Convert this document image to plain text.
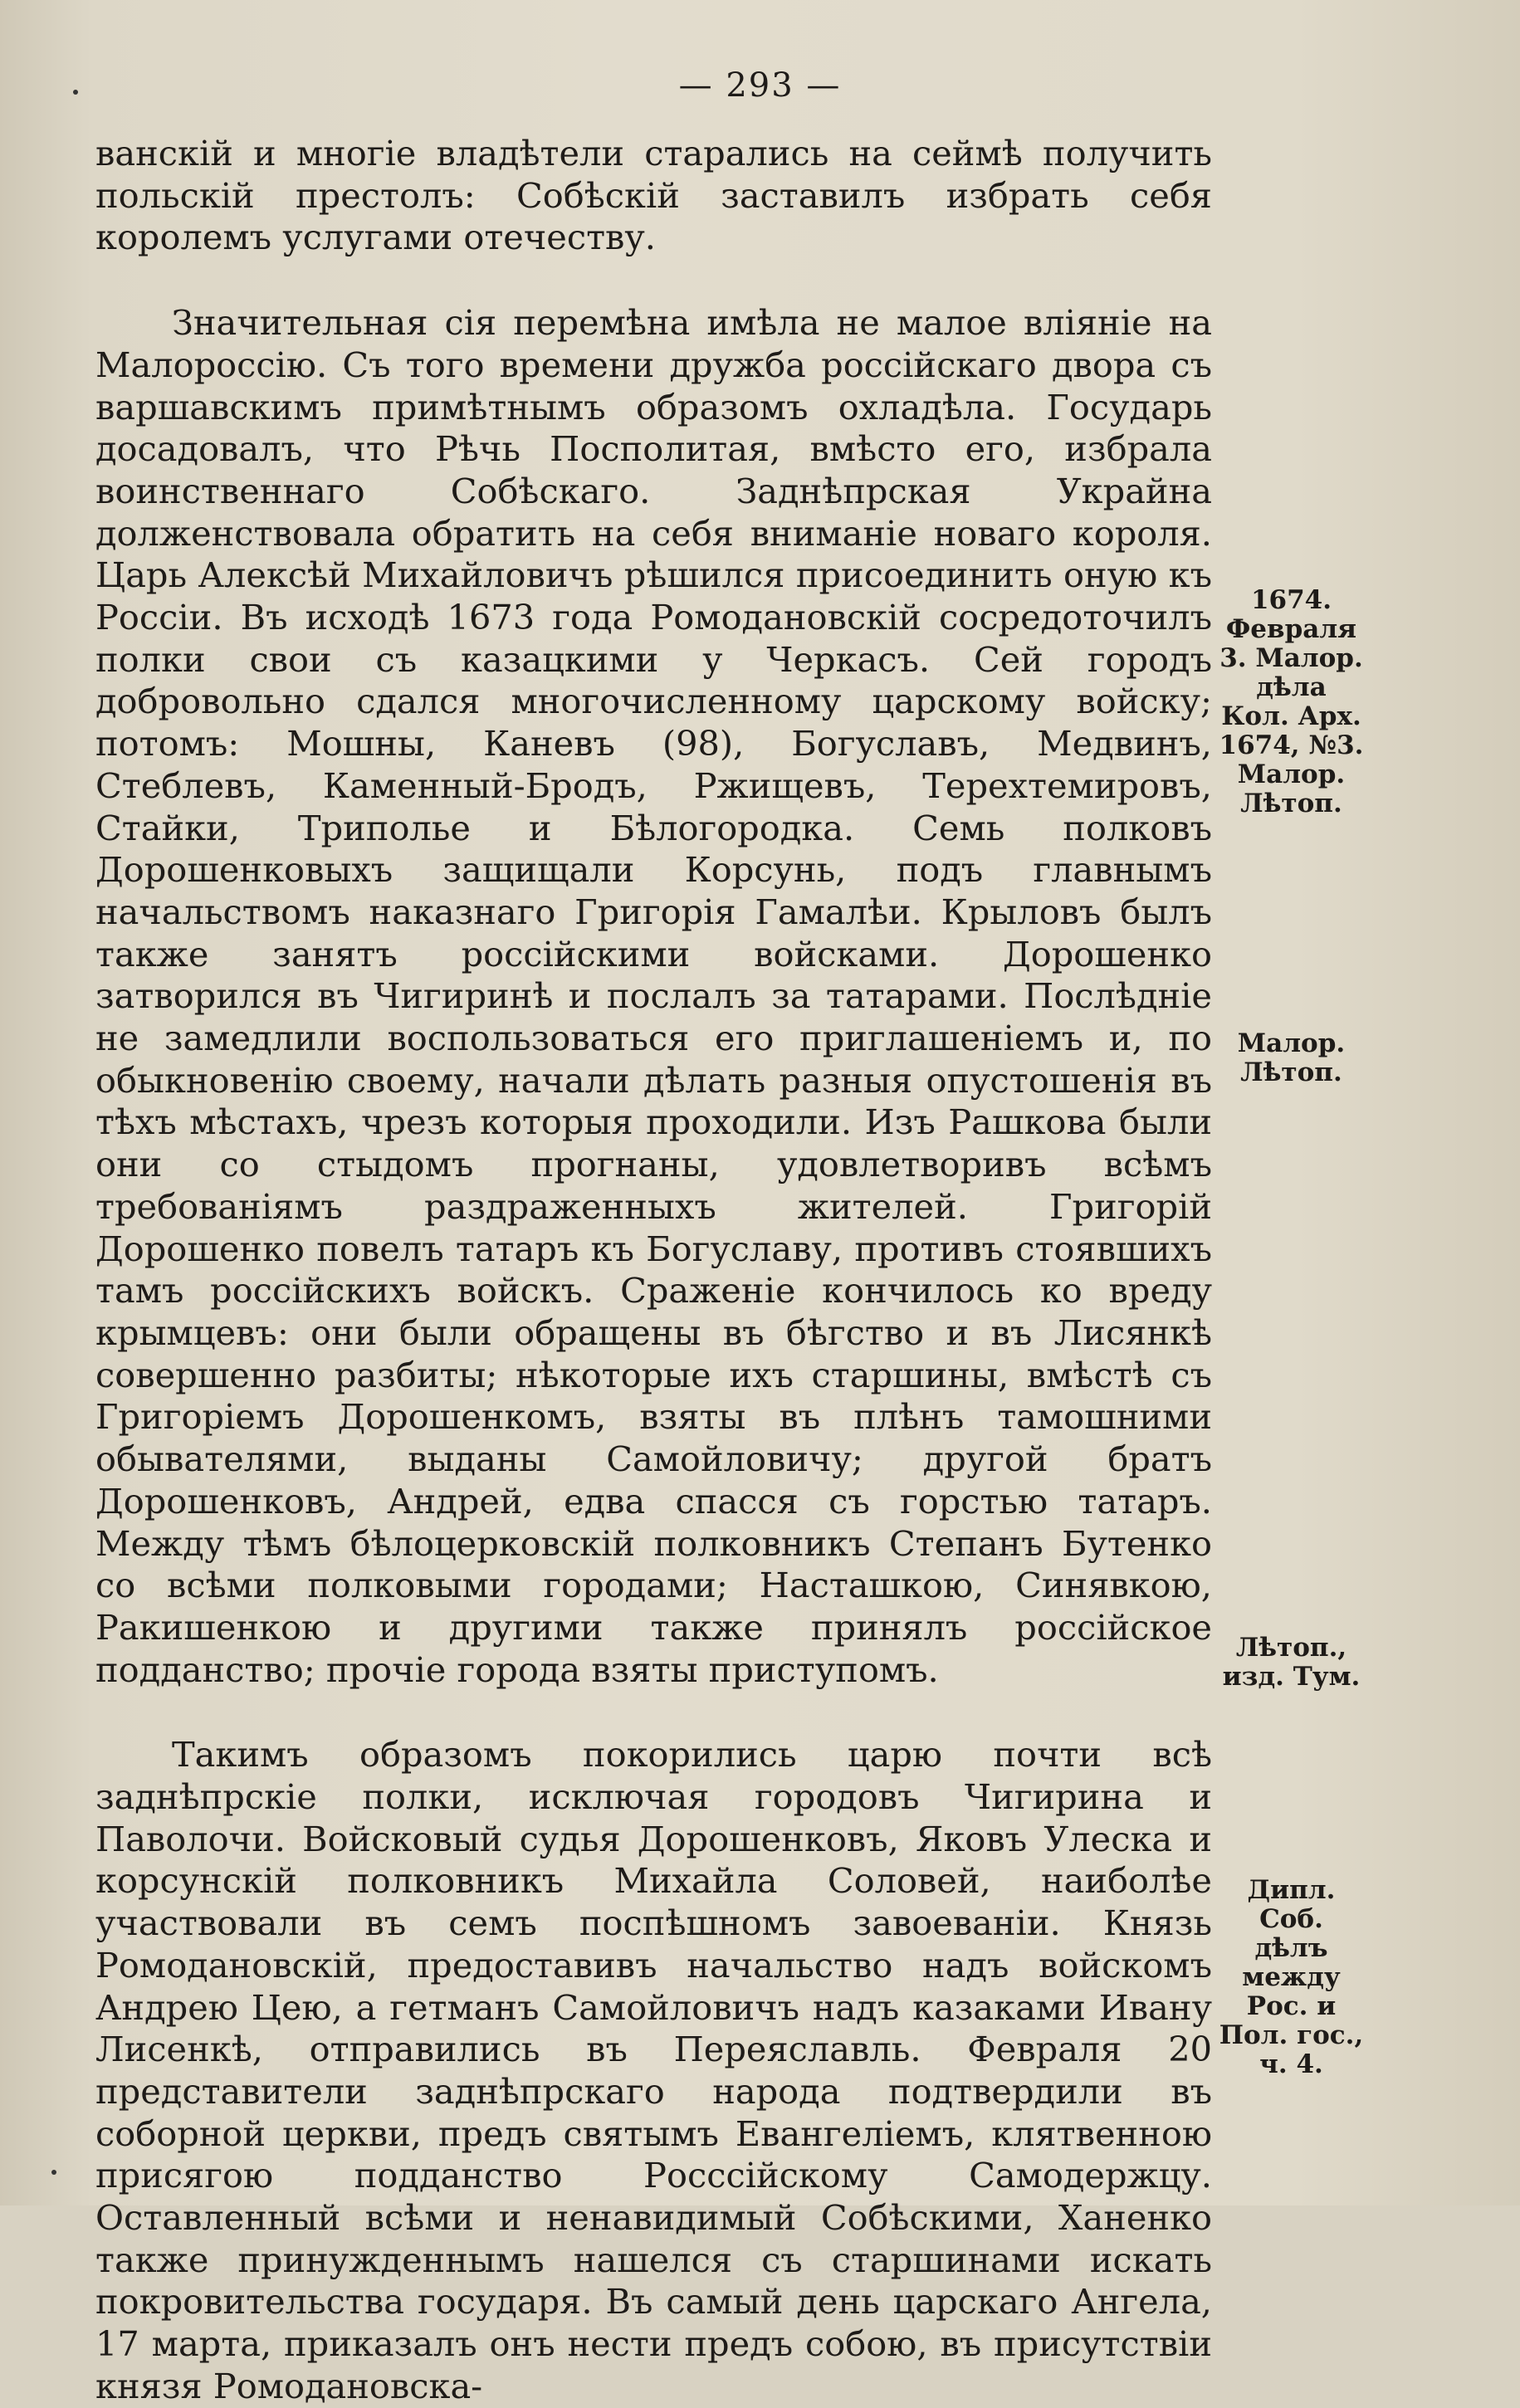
— 293 —

ванскій и многіе владѣтели старались на сеймѣ получить польскій престолъ: Собѣскій заставилъ избрать себя королемъ услугами отечеству.

Значительная сія перемѣна имѣла не малое вліяніе на Малороссію. Съ того времени дружба россійскаго двора съ варшавскимъ примѣтнымъ образомъ охладѣла. Государь досадовалъ, что Рѣчь Посполитая, вмѣсто его, избрала воинственнаго Собѣскаго. Заднѣпрская Украйна долженствовала обратить на себя вниманіе новаго короля. Царь Алексѣй Михайловичъ рѣшился присоединить оную къ Россіи. Въ исходѣ 1673 года Ромодановскій сосредоточилъ полки свои съ казацкими у Черкасъ. Сей городъ добровольно сдался многочисленному царскому войску; потомъ: Мошны, Каневъ (98), Богуславъ, Медвинъ, Стеблевъ, Каменный-Бродъ, Ржищевъ, Терехтемировъ, Стайки, Триполье и Бѣлогородка. Семь полковъ Дорошенковыхъ защищали Корсунь, подъ главнымъ начальствомъ наказнаго Григорія Гамалѣи. Крыловъ былъ также занятъ россійскими войсками. Дорошенко затворился въ Чигиринѣ и послалъ за татарами. Послѣдніе не замедлили воспользоваться его приглашеніемъ и, по обыкновенію своему, начали дѣлать разныя опустошенія въ тѣхъ мѣстахъ, чрезъ которыя проходили. Изъ Рашкова были они со стыдомъ прогнаны, удовлетворивъ всѣмъ требованіямъ раздраженныхъ жителей. Григорій Дорошенко повелъ татаръ къ Богуславу, противъ стоявшихъ тамъ россійскихъ войскъ. Сраженіе кончилось ко вреду крымцевъ: они были обращены въ бѣгство и въ Лисянкѣ совершенно разбиты; нѣкоторые ихъ старшины, вмѣстѣ съ Григоріемъ Дорошенкомъ, взяты въ плѣнъ тамошними обывателями, выданы Самойловичу; другой братъ Дорошенковъ, Андрей, едва спасся съ горстью татаръ. Между тѣмъ бѣлоцерковскій полковникъ Степанъ Бутенко со всѣми полковыми городами; Насташкою, Синявкою, Ракишенкою и другими также принялъ россійское подданство; прочіе города взяты приступомъ.

Такимъ образомъ покорились царю почти всѣ заднѣпрскіе полки, исключая городовъ Чигирина и Паволочи. Войсковый судья Дорошенковъ, Яковъ Улеска и корсунскій полковникъ Михайла Соловей, наиболѣе участвовали въ семъ поспѣшномъ завоеваніи. Князь Ромодановскій, предоставивъ начальство надъ войскомъ Андрею Цею, а гетманъ Самойловичъ надъ казаками Ивану Лисенкѣ, отправились въ Переяславль. Февраля 20 представители заднѣпрскаго народа подтвердили въ соборной церкви, предъ святымъ Евангеліемъ, клятвенною присягою подданство Росссійскому Самодержцу. Оставленный всѣми и ненавидимый Собѣскими, Ханенко также принужденнымъ нашелся съ старшинами искать покровительства государя. Въ самый день царскаго Ангела, 17 марта, приказалъ онъ нести предъ собою, въ присутствіи князя Ромодановска-

1674. Февраля 3. Малор. дѣла Кол. Арх. 1674, №3. Малор. Лѣтоп.
Малор. Лѣтоп.
Лѣтоп., изд. Тум.
Дипл. Соб. дѣлъ между Рос. и Пол. гос., ч. 4.
